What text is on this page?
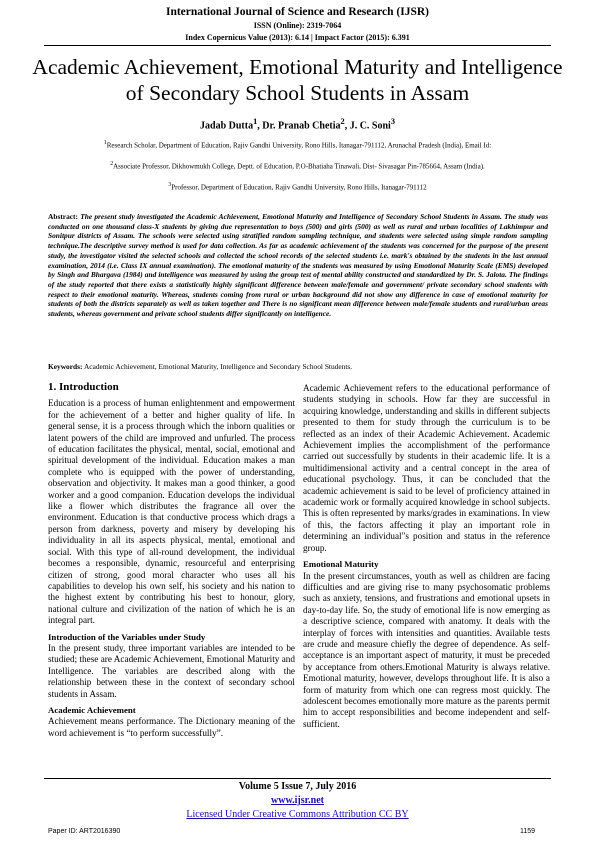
International Journal of Science and Research (IJSR)
ISSN (Online): 2319-7064
Index Copernicus Value (2013): 6.14 | Impact Factor (2015): 6.391
Academic Achievement, Emotional Maturity and Intelligence of Secondary School Students in Assam
Jadab Dutta$^1$, Dr. Pranab Chetia$^2$, J. C. Soni$^3$
$^1$Research Scholar, Department of Education, Rajiv Gandhi University, Rono Hills, Itanagar-791112, Arunachal Pradesh (India), Email Id:
$^2$Associate Professor, Dikhowmukh College, Deptt. of Education, P.O-Bhatiaha Tinawali, Dist- Sivasagar Pin-785664, Assam (India).
$^3$Professor, Department of Education, Rajiv Gandhi University, Rono Hills, Itanagar-791112
Abstract: The present study investigated the Academic Achievement, Emotional Maturity and Intelligence of Secondary School Students in Assam. The study was conducted on one thousand class-X students by giving due representation to boys (500) and girls (500) as well as rural and urban localities of Lakhimpur and Sonitpur districts of Assam. The schools were selected using stratified random sampling technique, and students were selected using simple random sampling technique.The descriptive survey method is used for data collection. As far as academic achievement of the students was concerned for the purpose of the present study, the investigator visited the selected schools and collected the school records of the selected students i.e. mark's obtained by the students in the last annual examination, 2014 (i.e. Class IX annual examination). The emotional maturity of the students was measured by using Emotional Maturity Scale (EMS) developed by Singh and Bhargava (1984) and intelligence was measured by using the group test of mental ability constructed and standardized by Dr. S. Jalota. The findings of the study reported that there exists a statistically highly significant difference between male/female and government/ private secondary school students with respect to their emotional maturity. Whereas, students coming from rural or urban background did not show any difference in case of emotional maturity for students of both the districts separately as well as taken together and There is no significant mean difference between male/female students and rural/urban areas students, whereas government and private school students differ significantly on intelligence.
Keywords: Academic Achievement, Emotional Maturity, Intelligence and Secondary School Students.
1. Introduction

Education is a process of human enlightenment and empowerment for the achievement of a better and higher quality of life. In general sense, it is a process through which the inborn qualities or latent powers of the child are improved and unfurled. The process of education facilitates the physical, mental, social, emotional and spiritual development of the individual. Education makes a man complete who is equipped with the power of understanding, observation and objectivity. It makes man a good thinker, a good worker and a good companion. Education develops the individual like a flower which distributes the fragrance all over the environment. Education is that conductive process which drags a person from darkness, poverty and misery by developing his individuality in all its aspects physical, mental, emotional and social. With this type of all-round development, the individual becomes a responsible, dynamic, resourceful and enterprising citizen of strong, good moral character who uses all his capabilities to develop his own self, his society and his nation to the highest extent by contributing his best to honour, glory, national culture and civilization of the nation of which he is an integral part.

Introduction of the Variables under Study

In the present study, three important variables are intended to be studied; these are Academic Achievement, Emotional Maturity and Intelligence. The variables are described along with the relationship between these in the context of secondary school students in Assam.

Academic Achievement

Achievement means performance. The Dictionary meaning of the word achievement is “to perform successfully”.

Academic Achievement refers to the educational performance of students studying in schools. How far they are successful in acquiring knowledge, understanding and skills in different subjects presented to them for study through the curriculum is to be reflected as an index of their Academic Achievement. Academic Achievement implies the accomplishment of the performance carried out successfully by students in their academic life. It is a multidimensional activity and a central concept in the area of educational psychology. Thus, it can be concluded that the academic achievement is said to be level of proficiency attained in academic work or formally acquired knowledge in school subjects. This is often represented by marks/grades in examinations. In view of this, the factors affecting it play an important role in determining an individual"s position and status in the reference group.

Emotional Maturity

In the present circumstances, youth as well as children are facing difficulties and are giving rise to many psychosomatic problems such as anxiety, tensions, and frustrations and emotional upsets in day-to-day life. So, the study of emotional life is now emerging as a descriptive science, compared with anatomy. It deals with the interplay of forces with intensities and quantities. Available tests are crude and measure chiefly the degree of dependence. As self-acceptance is an important aspect of maturity, it must be preceded by acceptance from others.Emotional Maturity is always relative. Emotional maturity, however, develops throughout life. It is also a form of maturity from which one can regress most quickly. The adolescent becomes emotionally more mature as the parents permit him to accept responsibilities and become independent and self-sufficient.

Volume 5 Issue 7, July 2016
www.ijsr.net
Licensed Under Creative Commons Attribution CC BY
Paper ID: ART2016390	1159
